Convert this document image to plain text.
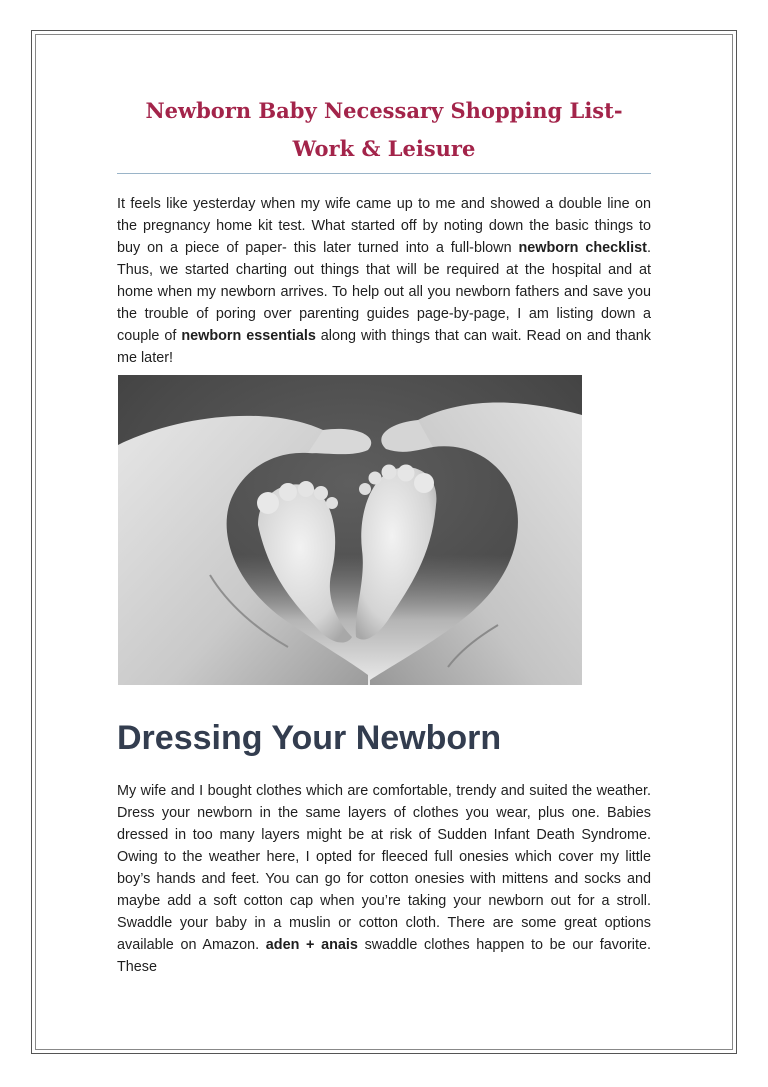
Newborn Baby Necessary Shopping List-
Work & Leisure

It feels like yesterday when my wife came up to me and showed a double line on the pregnancy home kit test. What started off by noting down the basic things to buy on a piece of paper- this later turned into a full-blown newborn checklist. Thus, we started charting out things that will be required at the hospital and at home when my newborn arrives. To help out all you newborn fathers and save you the trouble of poring over parenting guides page-by-page, I am listing down a couple of newborn essentials along with things that can wait. Read on and thank me later!

Dressing Your Newborn

My wife and I bought clothes which are comfortable, trendy and suited the weather. Dress your newborn in the same layers of clothes you wear, plus one. Babies dressed in too many layers might be at risk of Sudden Infant Death Syndrome. Owing to the weather here, I opted for fleeced full onesies which cover my little boy’s hands and feet. You can go for cotton onesies with mittens and socks and maybe add a soft cotton cap when you’re taking your newborn out for a stroll. Swaddle your baby in a muslin or cotton cloth. There are some great options available on Amazon. aden + anais swaddle clothes happen to be our favorite. These
